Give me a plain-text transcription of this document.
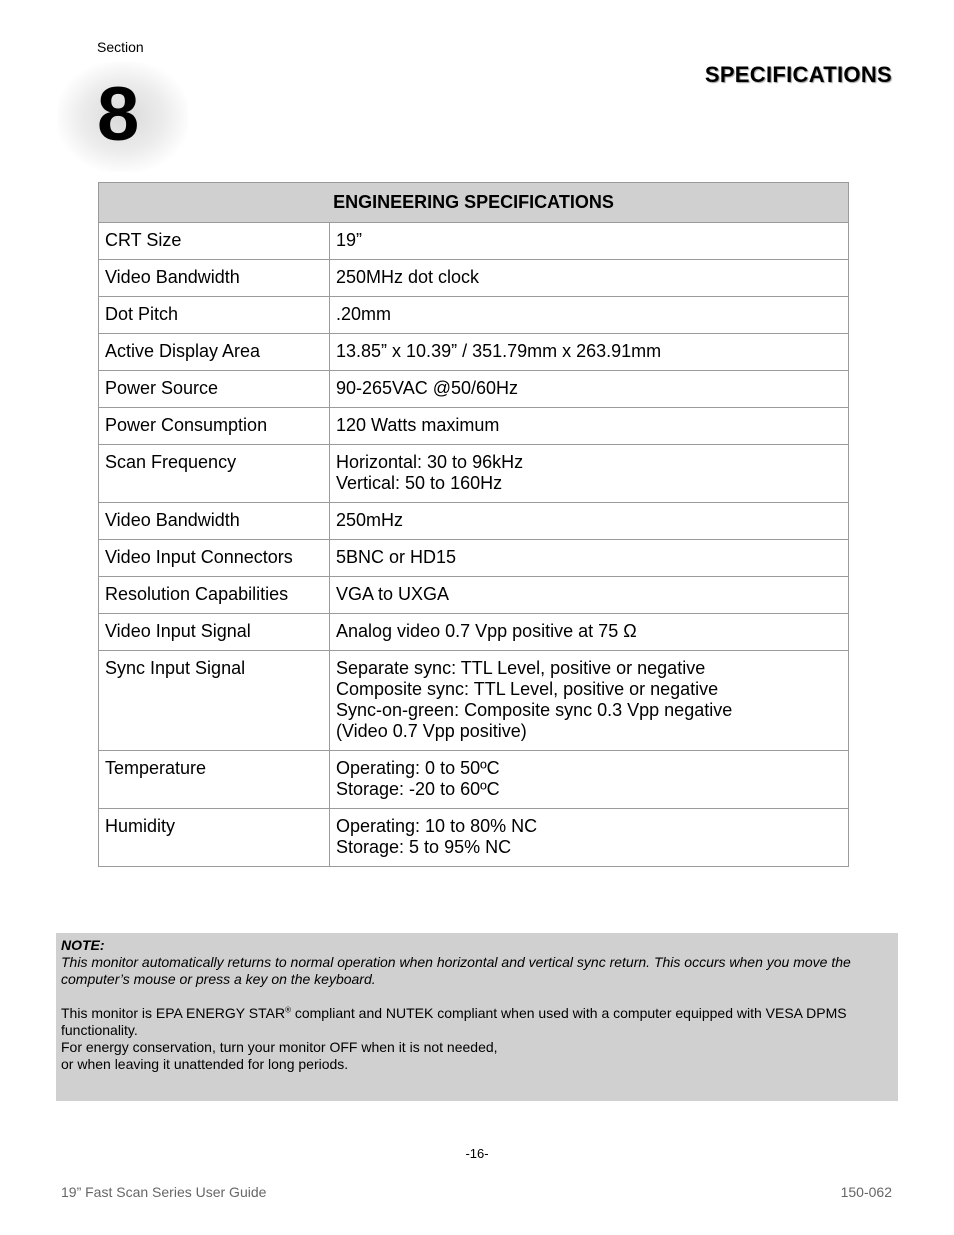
Section
8	SPECIFICATIONS
ENGINEERING SPECIFICATIONS	
CRT Size	19”

Video Bandwidth	250MHz dot clock

Dot Pitch	.20mm

Active Display Area	13.85” x 10.39” / 351.79mm x 263.91mm

Power Source	90-265VAC @50/60Hz

Power Consumption	120 Watts maximum

Scan Frequency	Horizontal: 30 to 96kHz
Vertical: 50 to 160Hz

Video Bandwidth	250mHz

Video Input Connectors	5BNC or HD15

Resolution Capabilities	VGA to UXGA

Video Input Signal	Analog video 0.7 Vpp positive at 75 Ω

Sync Input Signal	Separate sync: TTL Level, positive or negative
Composite sync: TTL Level, positive or negative
Sync-on-green: Composite sync 0.3 Vpp negative
(Video 0.7 Vpp positive)

Temperature	Operating: 0 to 50ºC
Storage: -20 to 60ºC

Humidity	Operating: 10 to 80% NC
Storage: 5 to 95% NC
NOTE:
This monitor automatically returns to normal operation when horizontal and vertical sync return. This occurs when you move the
computer’s mouse or press a key on the keyboard.
This monitor is EPA ENERGY STAR® compliant and NUTEK compliant when used with a computer equipped with VESA DPMS functionality.
For energy conservation, turn your monitor OFF when it is not needed,
or when leaving it unattended for long periods.
-16-
19” Fast Scan Series User Guide	150-062
